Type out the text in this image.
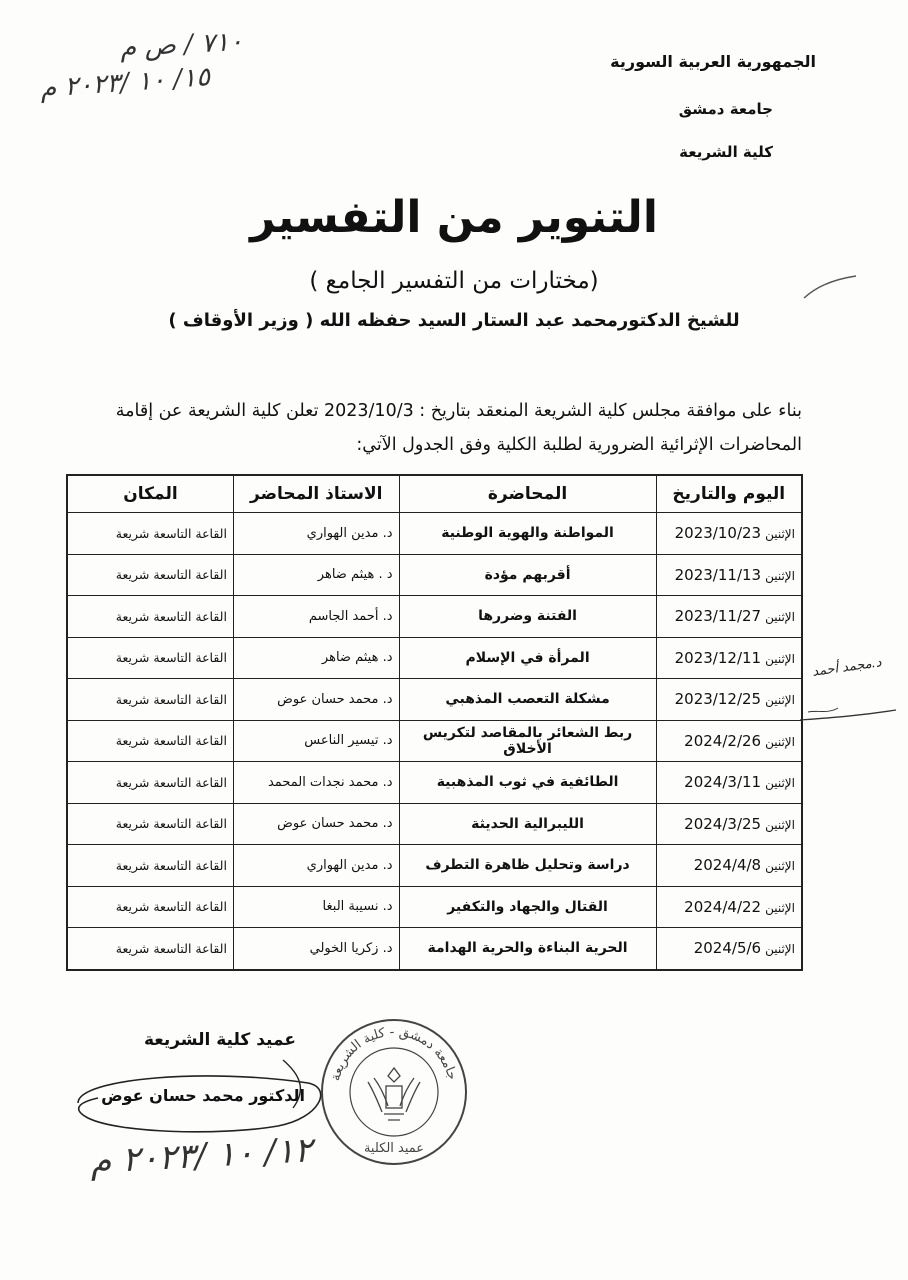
٧١٠ / ص م
١٥/ ١٠ /٢٠٢٣ م
الجمهورية العربية السورية
جامعة دمشق
كلية الشريعة
التنوير من التفسير
(مختارات من التفسير الجامع )
للشيخ الدكتورمحمد عبد الستار السيد حفظه الله ( وزير الأوقاف )
بناء على موافقة مجلس كلية الشريعة المنعقد بتاريخ : 2023/10/3 تعلن كلية الشريعة عن إقامة المحاضرات الإثرائية الضرورية لطلبة الكلية وفق الجدول الآتي:
اليوم والتاريخ	المحاضرة	الاستاذ المحاضر	المكان
الإثنين2023/10/23	المواطنة والهوية الوطنية	د. مدين الهواري	القاعة التاسعة شريعة
الإثنين2023/11/13	أقربهم مؤدة	د . هيثم ضاهر	القاعة التاسعة شريعة
الإثنين2023/11/27	الفتنة وضررها	د. أحمد الجاسم	القاعة التاسعة شريعة
الإثنين2023/12/11	المرأة في الإسلام	د. هيثم ضاهر	القاعة التاسعة شريعة
الإثنين2023/12/25	مشكلة التعصب المذهبي	د. محمد حسان عوض	القاعة التاسعة شريعة
الإثنين2024/2/26	ربط الشعائر بالمقاصد لتكريس الأخلاق	د. تيسير الناعس	القاعة التاسعة شريعة
الإثنين2024/3/11	الطائفية في ثوب المذهبية	د. محمد نجدات المحمد	القاعة التاسعة شريعة
الإثنين2024/3/25	الليبرالية الحديثة	د. محمد حسان عوض	القاعة التاسعة شريعة
الإثنين2024/4/8	دراسة وتحليل ظاهرة التطرف	د. مدين الهواري	القاعة التاسعة شريعة
الإثنين2024/4/22	القتال والجهاد والتكفير	د. نسيبة البغا	القاعة التاسعة شريعة
الإثنين2024/5/6	الحرية البناءة والحرية الهدامة	د. زكريا الخولي	القاعة التاسعة شريعة
د.مجمد أحمد
عميد كلية الشريعة
الدكتور محمد حسان عوض
١٢/ ١٠ /٢٠٢٣ م
جامعة دمشق - كلية الشريعة
عميد الكلية
